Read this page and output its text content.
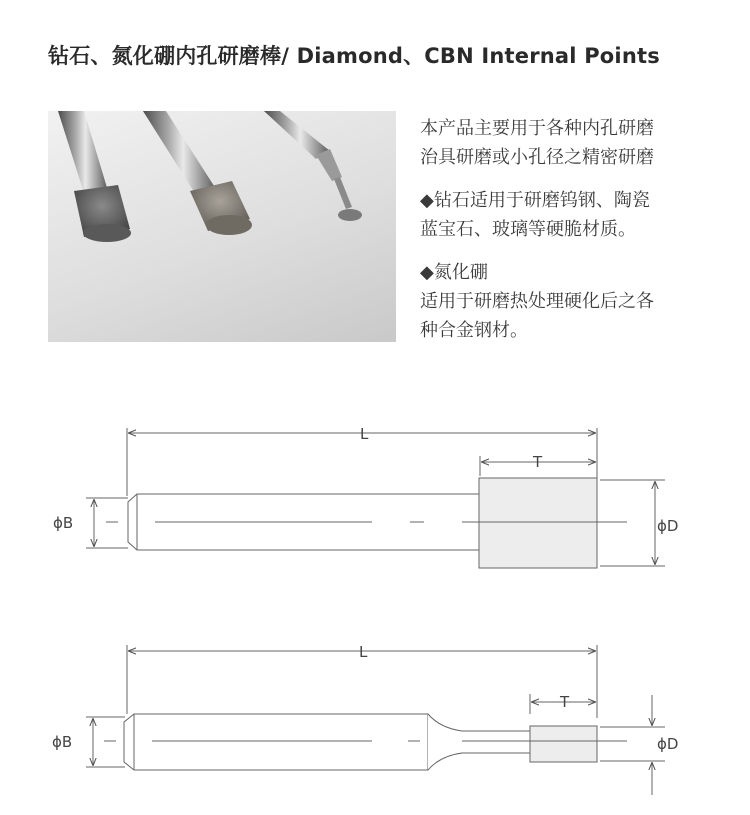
钻石、氮化硼内孔研磨棒/ Diamond、CBN Internal Points

本产品主要用于各种内孔研磨

治具研磨或小孔径之精密研磨

◆钻石适用于研磨钨钢、陶瓷

蓝宝石、玻璃等硬脆材质。

◆氮化硼

适用于研磨热处理硬化后之各

种合金钢材。

L
T
ϕB	ϕD
L
T
ϕB	ϕD
